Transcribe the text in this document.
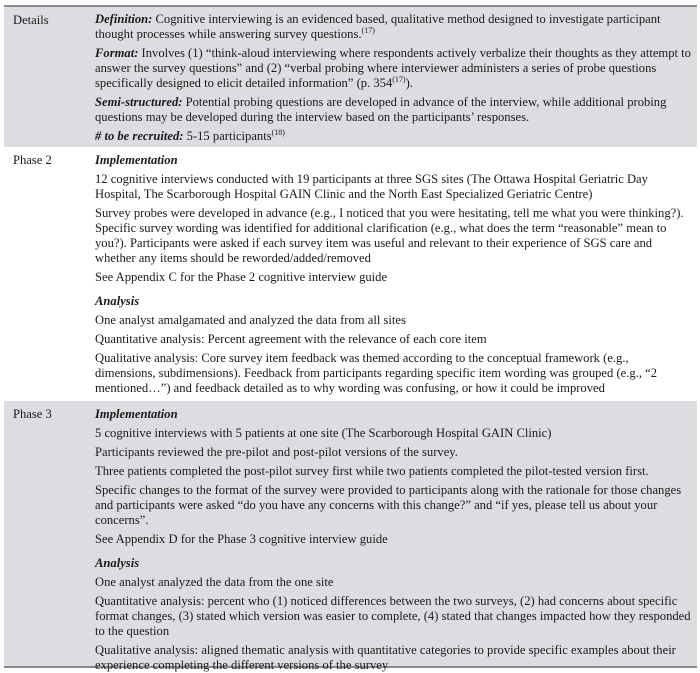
Details	Definition: Cognitive interviewing is an evidenced based, qualitative method designed to investigate participant thought processes while answering survey questions.$^{(17)}$

Format: Involves (1) “think-aloud interviewing where respondents actively verbalize their thoughts as they attempt to answer the survey questions” and (2) “verbal probing where interviewer administers a series of probe questions specifically designed to elicit detailed information” (p. 354$^{(17)}$).

Semi-structured: Potential probing questions are developed in advance of the interview, while additional probing questions may be developed during the interview based on the participants’ responses.

# to be recruited: 5-15 participants$^{(18)}$

Phase 2	Implementation

12 cognitive interviews conducted with 19 participants at three SGS sites (The Ottawa Hospital Geriatric Day Hospital, The Scarborough Hospital GAIN Clinic and the North East Specialized Geriatric Centre)

Survey probes were developed in advance (e.g., I noticed that you were hesitating, tell me what you were thinking?). Specific survey wording was identified for additional clarification (e.g., what does the term “reasonable” mean to you?). Participants were asked if each survey item was useful and relevant to their experience of SGS care and whether any items should be reworded/added/removed

See Appendix C for the Phase 2 cognitive interview guide

Analysis

One analyst amalgamated and analyzed the data from all sites

Quantitative analysis: Percent agreement with the relevance of each core item

Qualitative analysis: Core survey item feedback was themed according to the conceptual framework (e.g., dimensions, subdimensions). Feedback from participants regarding specific item wording was grouped (e.g., “2 mentioned…”) and feedback detailed as to why wording was confusing, or how it could be improved

Phase 3	Implementation

5 cognitive interviews with 5 patients at one site (The Scarborough Hospital GAIN Clinic)

Participants reviewed the pre-pilot and post-pilot versions of the survey.

Three patients completed the post-pilot survey first while two patients completed the pilot-tested version first.

Specific changes to the format of the survey were provided to participants along with the rationale for those changes and participants were asked “do you have any concerns with this change?” and “if yes, please tell us about your concerns”.

See Appendix D for the Phase 3 cognitive interview guide

Analysis

One analyst analyzed the data from the one site

Quantitative analysis: percent who (1) noticed differences between the two surveys, (2) had concerns about specific format changes, (3) stated which version was easier to complete, (4) stated that changes impacted how they responded to the question

Qualitative analysis: aligned thematic analysis with quantitative categories to provide specific examples about their experience completing the different versions of the survey
